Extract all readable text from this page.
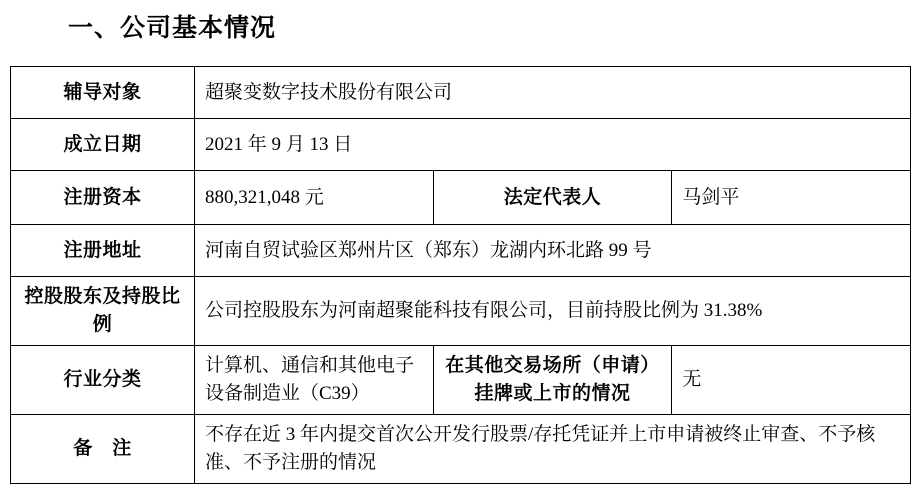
一、公司基本情况
辅导对象	超聚变数字技术股份有限公司		

成立日期	2021 年 9 月 13 日		

注册资本	880,321,048 元	法定代表人	马剑平

注册地址	河南自贸试验区郑州片区（郑东）龙湖内环北路 99 号		

控股股东及持股比例	公司控股股东为河南超聚能科技有限公司，目前持股比例为 31.38%		

行业分类	计算机、通信和其他电子设备制造业（C39）	在其他交易场所（申请）挂牌或上市的情况	无

备　注	不存在近 3 年内提交首次公开发行股票/存托凭证并上市申请被终止审查、不予核准、不予注册的情况		
